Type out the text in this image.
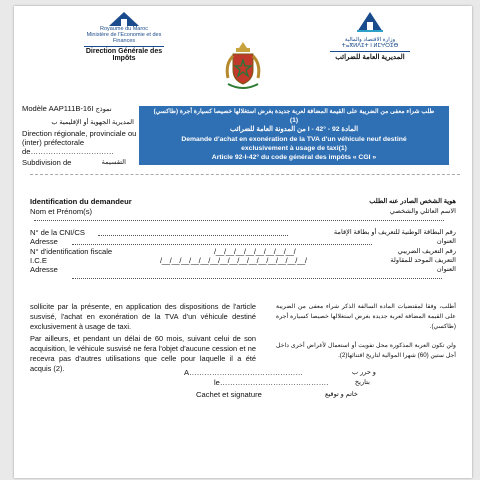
Royaume du Maroc
Ministère de l'Economie et des Finances
Direction Générale des Impôts
وزارة الاقتصاد والمالية
ⵜⴰⴳⵍⴷⵉⵜ ⵏ ⵍⵎⵖⵔⵉⴱ
المديرية العامة للضرائب
Modèle AAP111B-16I نموذج
Direction régionale, provinciale ou
المديرية الجهوية أو الإقليمية ب
(inter) préfectorale
de……………………………
Subdivision de	التقسيمة
طلب شراء معفى من الضريبة على القيمة المضافة لعربة جديدة بغرض استغلالها خصيصا كسيارة أجرة (طاكسي)
(1)
المادة 92 - I - 42° من المدونة العامة للضرائب
Demande d'achat en exonération de la TVA d'un véhicule neuf destiné
exclusivement à usage de taxi(1)
Article 92-I-42° du code général des impôts « CGI »
Identification du demandeur	هوية الشخص الصادر عنه الطلب
Nom et Prénom(s)	الاسم العائلي والشخصي
N° de la CNI/CS	رقم البطاقة الوطنية للتعريف أو بطاقة الإقامة
Adresse	العنوان
N° d'identification fiscale	/__/__/__/__/__/__/__/__/	رقم التعريف الضريبي
I.C.E	/__/__/__/__/__/__/__/__/__/__/__/__/__/__/__/	التعريف الموحد للمقاولة
Adresse	العنوان
sollicite par la présente, en application des dispositions de l'article susvisé, l'achat en exonération de la TVA d'un véhicule destiné exclusivement à usage de taxi.
Par ailleurs, et pendant un délai de 60 mois, suivant celui de son acquisition, le véhicule susvisé ne fera l'objet d'aucune cession et ne recevra pas d'autres utilisations que celle pour laquelle il a été acquis (2).
أطلب، وفقا لمقتضيات المادة السالفة الذكر شراء معفى من الضريبة على القيمة المضافة لعربة جديدة بغرض استغلالها خصيصا كسيارة أجرة (طاكسي).
ولن تكون العربة المذكورة محل تفويت أو استعمال لأغراض أخرى داخل أجل ستين (60) شهرا الموالية لتاريخ اقتنائها(2).
A………………………………………	و حرر ب
le…………………………………….	بتاريخ
Cachet et signature	خاتم و توقيع
